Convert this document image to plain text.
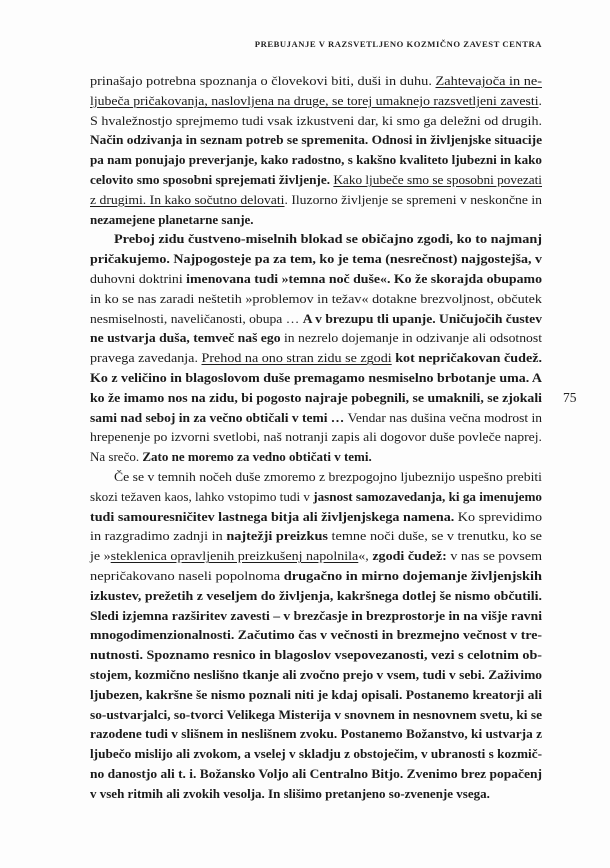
PREBUJANJE V RAZSVETLJENO KOZMIČNO ZAVEST CENTRA
75
prinašajo potrebna spoznanja o človekovi biti, duši in duhu. Zahtevajoča in ne-
ljubeča pričakovanja, naslovljena na druge, se torej umaknejo razsvetljeni zavesti.
S hvaležnostjo sprejmemo tudi vsak izkustveni dar, ki smo ga deležni od drugih.
Način odzivanja in seznam potreb se spremenita. Odnosi in življenjske situacije
pa nam ponujajo preverjanje, kako radostno, s kakšno kvaliteto ljubezni in kako
celovito smo sposobni sprejemati življenje. Kako ljubeče smo se sposobni povezati
z drugimi. In kako sočutno delovati. Iluzorno življenje se spremeni v neskončne in
nezamejene planetarne sanje.
Preboj zidu čustveno-miselnih blokad se običajno zgodi, ko to najmanj
pričakujemo. Najpogosteje pa za tem, ko je tema (nesrečnost) najgostejša, v
duhovni doktrini imenovana tudi »temna noč duše«. Ko že skorajda obupamo
in ko se nas zaradi neštetih »problemov in težav« dotakne brezvoljnost, občutek
nesmiselnosti, naveličanosti, obupa … A v brezupu tli upanje. Uničujočih čustev
ne ustvarja duša, temveč naš ego in nezrelo dojemanje in odzivanje ali odsotnost
pravega zavedanja. Prehod na ono stran zidu se zgodi kot nepričakovan čudež.
Ko z veličino in blagoslovom duše premagamo nesmiselno brbotanje uma. A
ko že imamo nos na zidu, bi pogosto najraje pobegnili, se umaknili, se zjokali
sami nad seboj in za večno obtičali v temi … Vendar nas dušina večna modrost in
hrepenenje po izvorni svetlobi, naš notranji zapis ali dogovor duše povleče naprej.
Na srečo. Zato ne moremo za vedno obtičati v temi.
Če se v temnih nočeh duše zmoremo z brezpogojno ljubeznijo uspešno prebiti
skozi težaven kaos, lahko vstopimo tudi v jasnost samozavedanja, ki ga imenujemo
tudi samouresničitev lastnega bitja ali življenjskega namena. Ko sprevidimo
in razgradimo zadnji in najtežji preizkus temne noči duše, se v trenutku, ko se
je »steklenica opravljenih preizkušenj napolnila«, zgodi čudež: v nas se povsem
nepričakovano naseli popolnoma drugačno in mirno dojemanje življenjskih
izkustev, prežetih z veseljem do življenja, kakršnega dotlej še nismo občutili.
Sledi izjemna razširitev zavesti – v brezčasje in brezprostorje in na višje ravni
mnogodimenzionalnosti. Začutimo čas v večnosti in brezmejno večnost v tre-
nutnosti. Spoznamo resnico in blagoslov vsepovezanosti, vezi s celotnim ob-
stojem, kozmično neslišno tkanje ali zvočno prejo v vsem, tudi v sebi. Zaživimo
ljubezen, kakršne še nismo poznali niti je kdaj opisali. Postanemo kreatorji ali
so-ustvarjalci, so-tvorci Velikega Misterija v snovnem in nesnovnem svetu, ki se
razodene tudi v slišnem in neslišnem zvoku. Postanemo Božanstvo, ki ustvarja z
ljubečo mislijo ali zvokom, a vselej v skladju z obstoječim, v ubranosti s kozmič-
no danostjo ali t. i. Božansko Voljo ali Centralno Bitjo. Zvenimo brez popačenj
v vseh ritmih ali zvokih vesolja. In slišimo pretanjeno so-zvenenje vsega.
